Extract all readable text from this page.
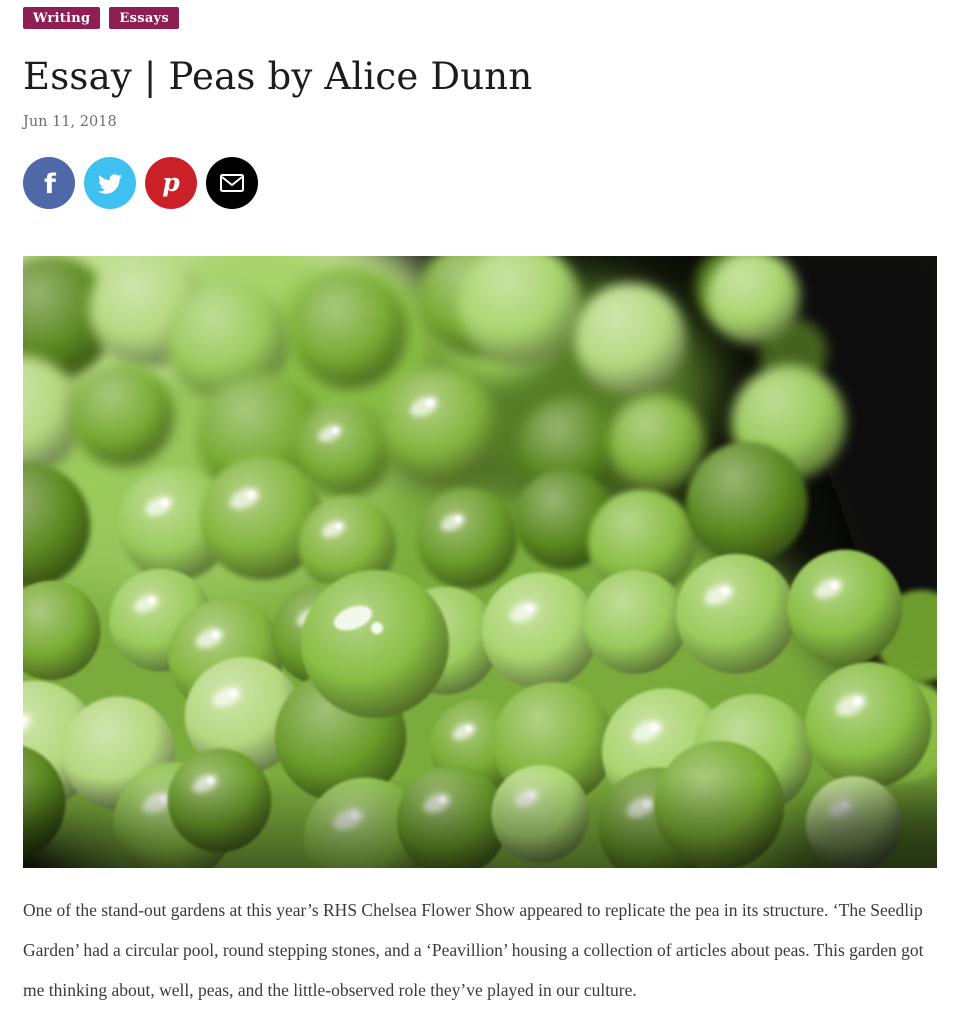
Writing	Essays
Essay | Peas by Alice Dunn
Jun 11, 2018
f	p

One of the stand-out gardens at this year’s RHS Chelsea Flower Show appeared to replicate the pea in its structure. ‘The Seedlip Garden’ had a circular pool, round stepping stones, and a ‘Peavillion’ housing a collection of articles about peas. This garden got me thinking about, well, peas, and the little-observed role they’ve played in our culture.
